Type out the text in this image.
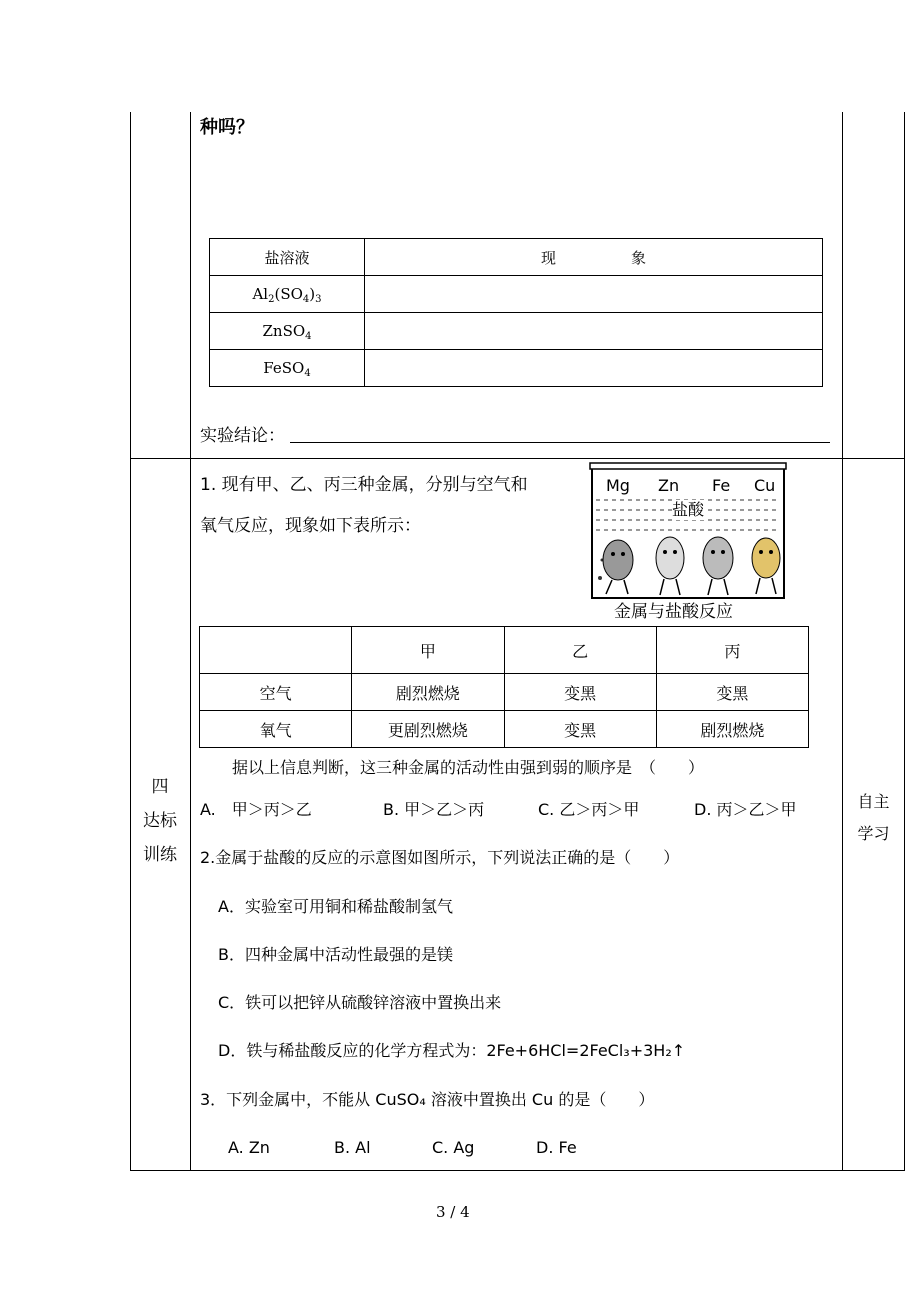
种吗？
盐溶液	现　　　　　象
$Al_2(SO_4)_3$	
ZnSO$_4$	
FeSO$_4$	
实验结论：
四
达标
训练
自主
学习
1. 现有甲、乙、丙三种金属，分别与空气和
氧气反应，现象如下表所示：
Mg Zn Fe Cu
盐酸
金属与盐酸反应
	甲	乙	丙
空气	剧烈燃烧	变黑	变黑
氧气	更剧烈燃烧	变黑	剧烈燃烧
据以上信息判断，这三种金属的活动性由强到弱的顺序是　（　　）
A.　甲＞丙＞乙	B. 甲＞乙＞丙	C. 乙＞丙＞甲	D. 丙＞乙＞甲
2.金属于盐酸的反应的示意图如图所示，下列说法正确的是（　　）
A．实验室可用铜和稀盐酸制氢气
B．四种金属中活动性最强的是镁
C．铁可以把锌从硫酸锌溶液中置换出来
D．铁与稀盐酸反应的化学方程式为：2Fe+6HCl=2FeCl₃+3H₂↑
3．下列金属中，不能从 CuSO₄ 溶液中置换出 Cu 的是（　　）
A. Zn	B. Al	C. Ag	D. Fe
3 / 4
